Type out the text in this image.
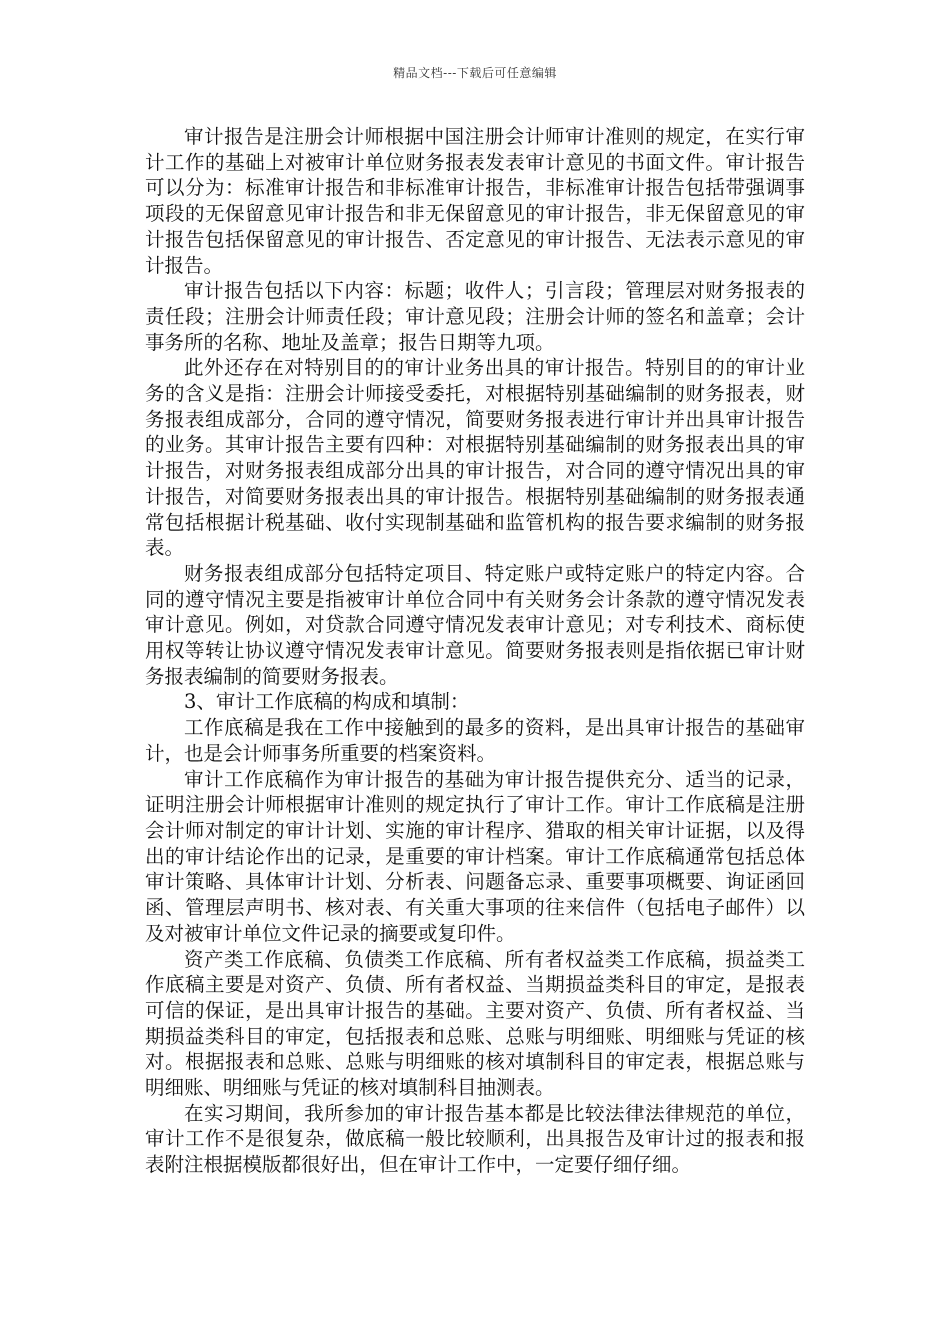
精品文档---下载后可任意编辑

审计报告是注册会计师根据中国注册会计师审计准则的规定，在实行审计工作的基础上对被审计单位财务报表发表审计意见的书面文件。审计报告可以分为：标准审计报告和非标准审计报告，非标准审计报告包括带强调事项段的无保留意见审计报告和非无保留意见的审计报告，非无保留意见的审计报告包括保留意见的审计报告、否定意见的审计报告、无法表示意见的审计报告。

审计报告包括以下内容：标题；收件人；引言段；管理层对财务报表的责任段；注册会计师责任段；审计意见段；注册会计师的签名和盖章；会计事务所的名称、地址及盖章；报告日期等九项。

此外还存在对特别目的的审计业务出具的审计报告。特别目的的审计业务的含义是指：注册会计师接受委托，对根据特别基础编制的财务报表，财务报表组成部分，合同的遵守情况，简要财务报表进行审计并出具审计报告的业务。其审计报告主要有四种：对根据特别基础编制的财务报表出具的审计报告，对财务报表组成部分出具的审计报告，对合同的遵守情况出具的审计报告，对简要财务报表出具的审计报告。根据特别基础编制的财务报表通常包括根据计税基础、收付实现制基础和监管机构的报告要求编制的财务报表。

财务报表组成部分包括特定项目、特定账户或特定账户的特定内容。合同的遵守情况主要是指被审计单位合同中有关财务会计条款的遵守情况发表审计意见。例如，对贷款合同遵守情况发表审计意见；对专利技术、商标使用权等转让协议遵守情况发表审计意见。简要财务报表则是指依据已审计财务报表编制的简要财务报表。

3、审计工作底稿的构成和填制：

工作底稿是我在工作中接触到的最多的资料，是出具审计报告的基础审计，也是会计师事务所重要的档案资料。

审计工作底稿作为审计报告的基础为审计报告提供充分、适当的记录，证明注册会计师根据审计准则的规定执行了审计工作。审计工作底稿是注册会计师对制定的审计计划、实施的审计程序、猎取的相关审计证据，以及得出的审计结论作出的记录，是重要的审计档案。审计工作底稿通常包括总体审计策略、具体审计计划、分析表、问题备忘录、重要事项概要、询证函回函、管理层声明书、核对表、有关重大事项的往来信件（包括电子邮件）以及对被审计单位文件记录的摘要或复印件。

资产类工作底稿、负债类工作底稿、所有者权益类工作底稿，损益类工作底稿主要是对资产、负债、所有者权益、当期损益类科目的审定，是报表可信的保证，是出具审计报告的基础。主要对资产、负债、所有者权益、当期损益类科目的审定，包括报表和总账、总账与明细账、明细账与凭证的核对。根据报表和总账、总账与明细账的核对填制科目的审定表，根据总账与明细账、明细账与凭证的核对填制科目抽测表。

在实习期间，我所参加的审计报告基本都是比较法律法律规范的单位，审计工作不是很复杂，做底稿一般比较顺利，出具报告及审计过的报表和报表附注根据模版都很好出，但在审计工作中，一定要仔细仔细。
